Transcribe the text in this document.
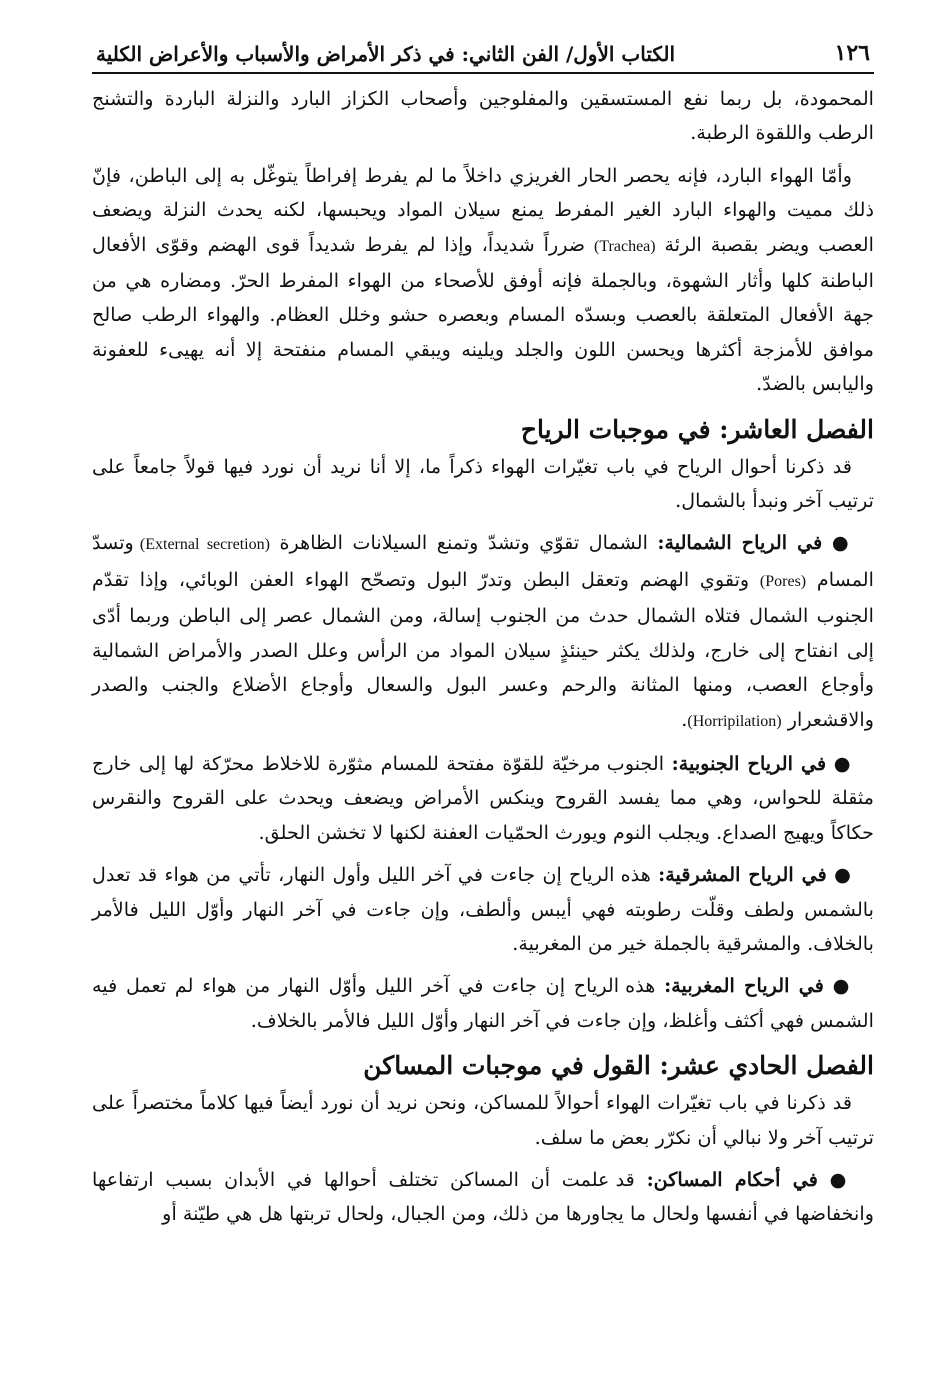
١٢٦
الكتاب الأول/ الفن الثاني: في ذكر الأمراض والأسباب والأعراض الكلية

المحمودة، بل ربما نفع المستسقين والمفلوجين وأصحاب الكزاز البارد والنزلة الباردة والتشنج الرطب واللقوة الرطبة.

وأمّا الهواء البارد، فإنه يحصر الحار الغريزي داخلاً ما لم يفرط إفراطاً يتوغّل به إلى الباطن، فإنّ ذلك مميت والهواء البارد الغير المفرط يمنع سيلان المواد ويحبسها، لكنه يحدث النزلة ويضعف العصب ويضر بقصبة الرئة (Trachea) ضرراً شديداً، وإذا لم يفرط شديداً قوى الهضم وقوّى الأفعال الباطنة كلها وأثار الشهوة، وبالجملة فإنه أوفق للأصحاء من الهواء المفرط الحرّ. ومضاره هي من جهة الأفعال المتعلقة بالعصب وبسدّه المسام وبعصره حشو وخلل العظام. والهواء الرطب صالح موافق للأمزجة أكثرها ويحسن اللون والجلد ويلينه ويبقي المسام منفتحة إلا أنه يهيىء للعفونة واليابس بالضدّ.

الفصل العاشر: في موجبات الرياح

قد ذكرنا أحوال الرياح في باب تغيّرات الهواء ذكراً ما، إلا أنا نريد أن نورد فيها قولاً جامعاً على ترتيب آخر ونبدأ بالشمال.

● في الرياح الشمالية: الشمال تقوّي وتشدّ وتمنع السيلانات الظاهرة (External secretion) وتسدّ المسام (Pores) وتقوي الهضم وتعقل البطن وتدرّ البول وتصحّح الهواء العفن الوبائي، وإذا تقدّم الجنوب الشمال فتلاه الشمال حدث من الجنوب إسالة، ومن الشمال عصر إلى الباطن وربما أدّى إلى انفتاح إلى خارج، ولذلك يكثر حينئذٍ سيلان المواد من الرأس وعلل الصدر والأمراض الشمالية وأوجاع العصب، ومنها المثانة والرحم وعسر البول والسعال وأوجاع الأضلاع والجنب والصدر والاقشعرار (Horripilation).

● في الرياح الجنوبية: الجنوب مرخيّة للقوّة مفتحة للمسام مثوّرة للاخلاط محرّكة لها إلى خارج مثقلة للحواس، وهي مما يفسد القروح وينكس الأمراض ويضعف ويحدث على القروح والنقرس حكاكاً ويهيج الصداع. ويجلب النوم ويورث الحمّيات العفنة لكنها لا تخشن الحلق.

● في الرياح المشرقية: هذه الرياح إن جاءت في آخر الليل وأول النهار، تأتي من هواء قد تعدل بالشمس ولطف وقلّت رطوبته فهي أيبس وألطف، وإن جاءت في آخر النهار وأوّل الليل فالأمر بالخلاف. والمشرقية بالجملة خير من المغربية.

● في الرياح المغربية: هذه الرياح إن جاءت في آخر الليل وأوّل النهار من هواء لم تعمل فيه الشمس فهي أكثف وأغلظ، وإن جاءت في آخر النهار وأوّل الليل فالأمر بالخلاف.

الفصل الحادي عشر: القول في موجبات المساكن

قد ذكرنا في باب تغيّرات الهواء أحوالاً للمساكن، ونحن نريد أن نورد أيضاً فيها كلاماً مختصراً على ترتيب آخر ولا نبالي أن نكرّر بعض ما سلف.

● في أحكام المساكن: قد علمت أن المساكن تختلف أحوالها في الأبدان بسبب ارتفاعها وانخفاضها في أنفسها ولحال ما يجاورها من ذلك، ومن الجبال، ولحال تربتها هل هي طيّنة أو
